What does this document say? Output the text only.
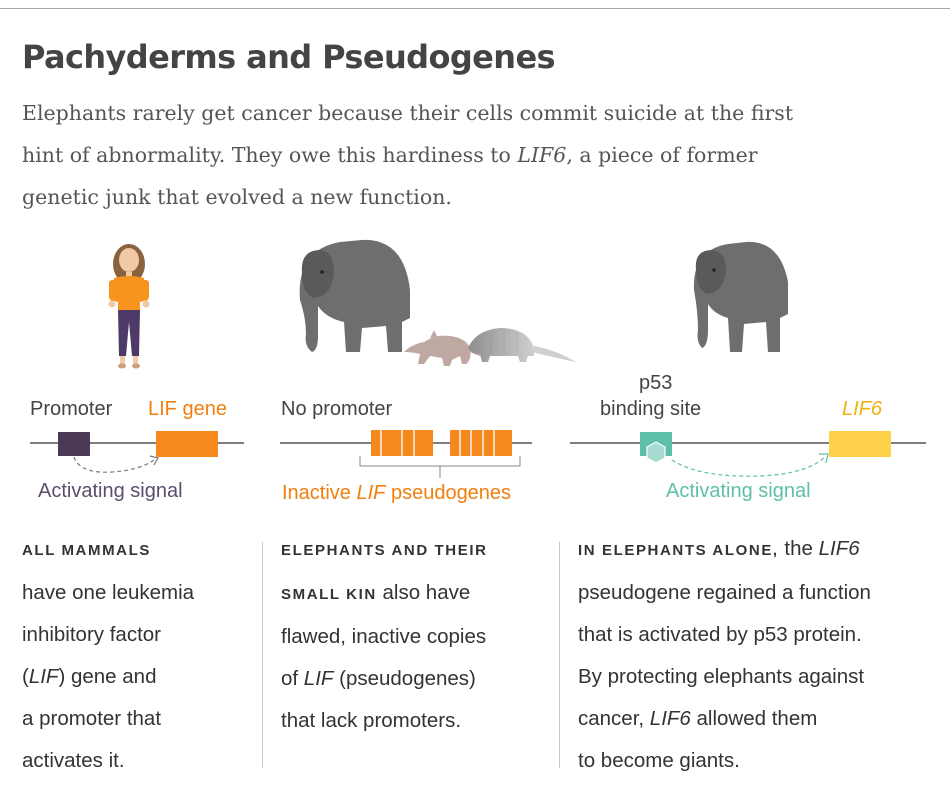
Pachyderms and Pseudogenes

Elephants rarely get cancer because their cells commit suicide at the first
hint of abnormality. They owe this hardiness to LIF6, a piece of former
genetic junk that evolved a new function.

Promoter LIF gene
Activating signal
No promoter
Inactive LIF pseudogenes
p53
binding site	LIF6
Activating signal
ALL MAMMALS
have one leukemia
inhibitory factor
(LIF) gene and
a promoter that
activates it.
ELEPHANTS AND THEIR
SMALL KIN also have
flawed, inactive copies
of LIF (pseudogenes)
that lack promoters.
IN ELEPHANTS ALONE, the LIF6
pseudogene regained a function
that is activated by p53 protein.
By protecting elephants against
cancer, LIF6 allowed them
to become giants.
